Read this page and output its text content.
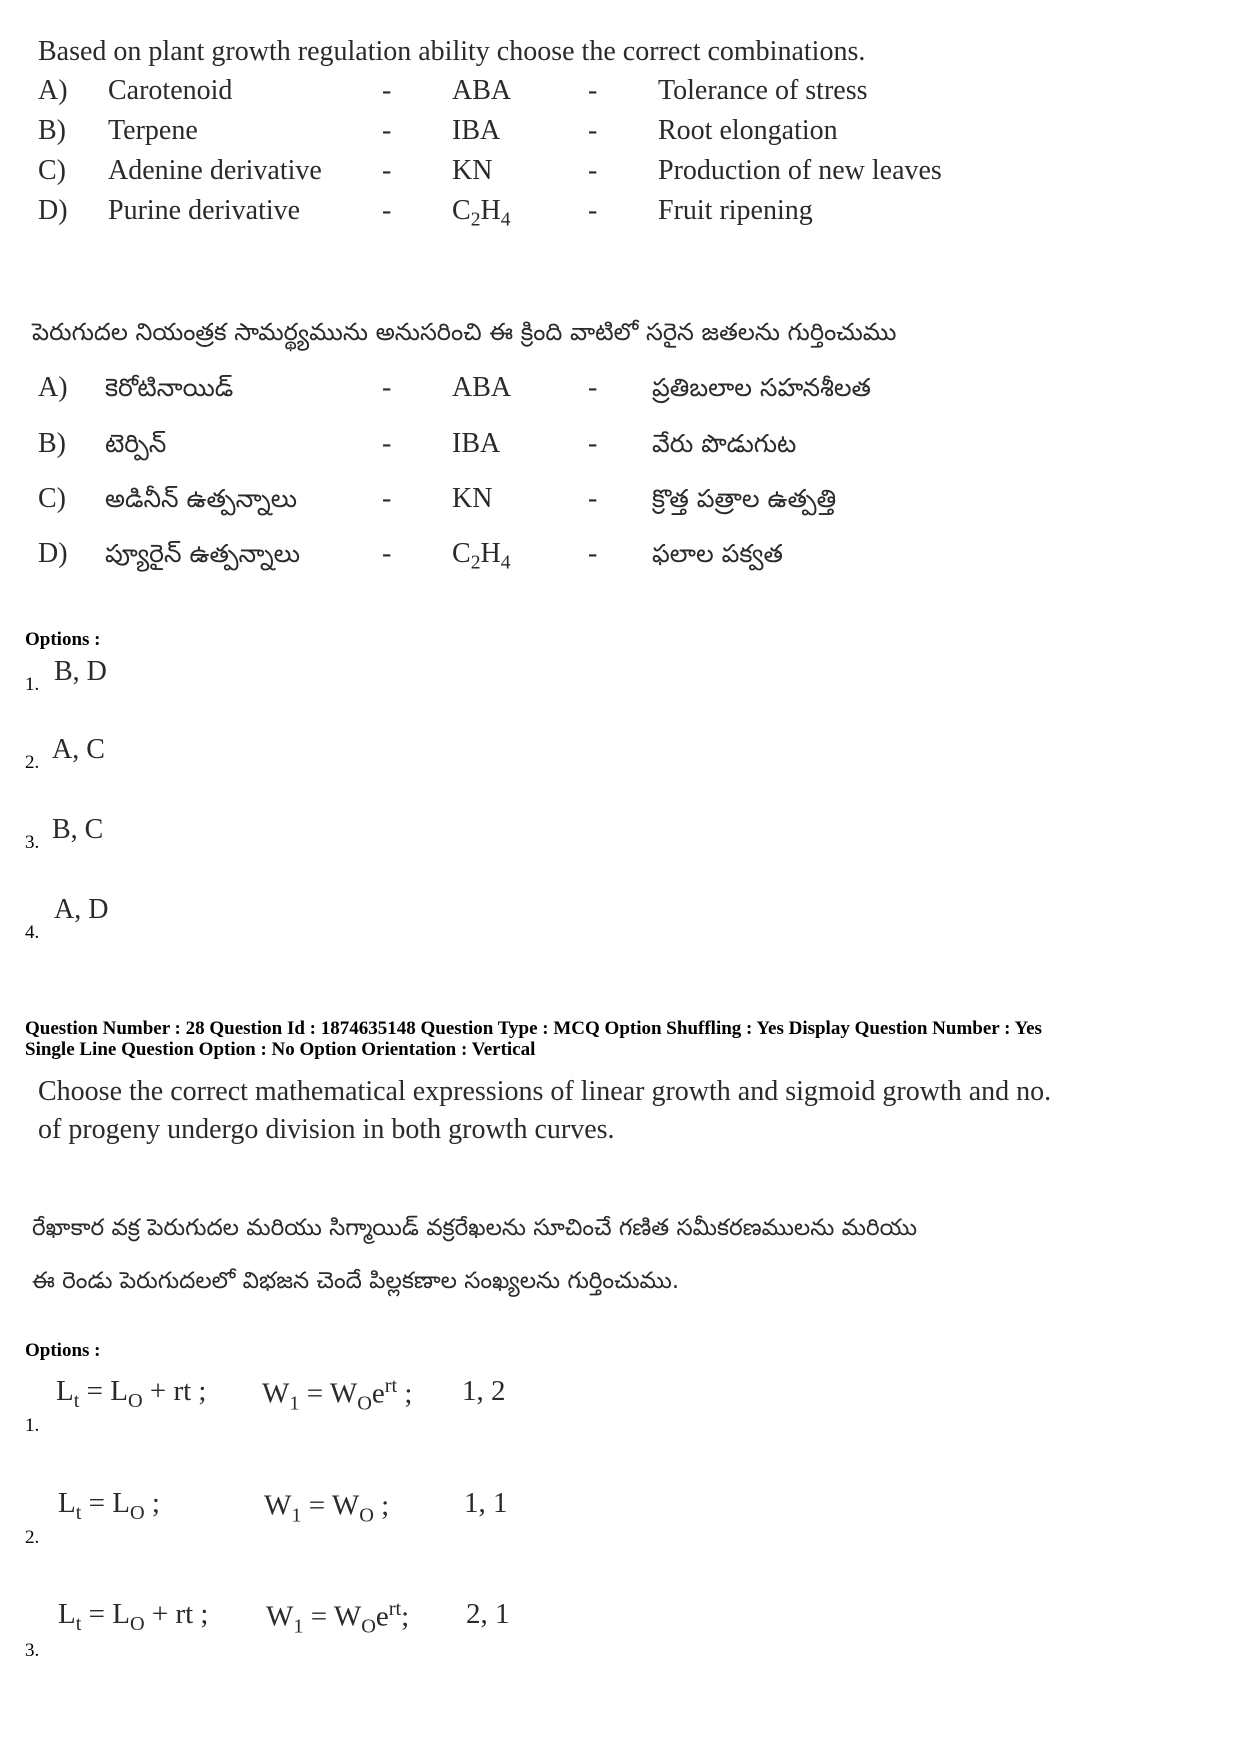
Based on plant growth regulation ability choose the correct combinations.
A) Carotenoid	- ABA	- Tolerance of stress
B) Terpene	- IBA	- Root elongation
C) Adenine derivative - KN	- Production of new leaves
D) Purine derivative	- $C_2H_4$	- Fruit ripening
పెరుగుదల నియంత్రక సామర్థ్యమును అనుసరించి ఈ క్రింది వాటిలో సరైన జతలను గుర్తించుము
A) కెరోటినాయిడ్	- ABA	- ప్రతిబలాల సహనశీలత
B) టెర్పిన్	- IBA	- వేరు పొడుగుట
C) అడినీన్ ఉత్పన్నాలు	- KN	- క్రొత్త పత్రాల ఉత్పత్తి
D) ప్యూరైన్ ఉత్పన్నాలు	- $C_2H_4$	- ఫలాల పక్వత
Options :
1. B, D
2. A, C
3. B, C
4.
A, D
Question Number : 28 Question Id : 1874635148 Question Type : MCQ Option Shuffling : Yes Display Question Number : Yes
Single Line Question Option : No Option Orientation : Vertical
Choose the correct mathematical expressions of linear growth and sigmoid growth and no.
of progeny undergo division in both growth curves.
రేఖాకార వక్ర పెరుగుదల మరియు సిగ్మాయిడ్ వక్రరేఖలను సూచించే గణిత సమీకరణములను మరియు
ఈ రెండు పెరుగుదలలో విభజన చెందే పిల్లకణాల సంఖ్యలను గుర్తించుము.
Options :
1.
$L_t = L_O$ + rt ; $W_1 = W_Oe^{rt}$ ; 1, 2
2.
$L_t = L_O$ ;	$W_1 = W_O$ ;	1, 1
3.
$L_t = L_O$ + rt ; $W_1 = W_Oe^{rt}$; 2, 1
